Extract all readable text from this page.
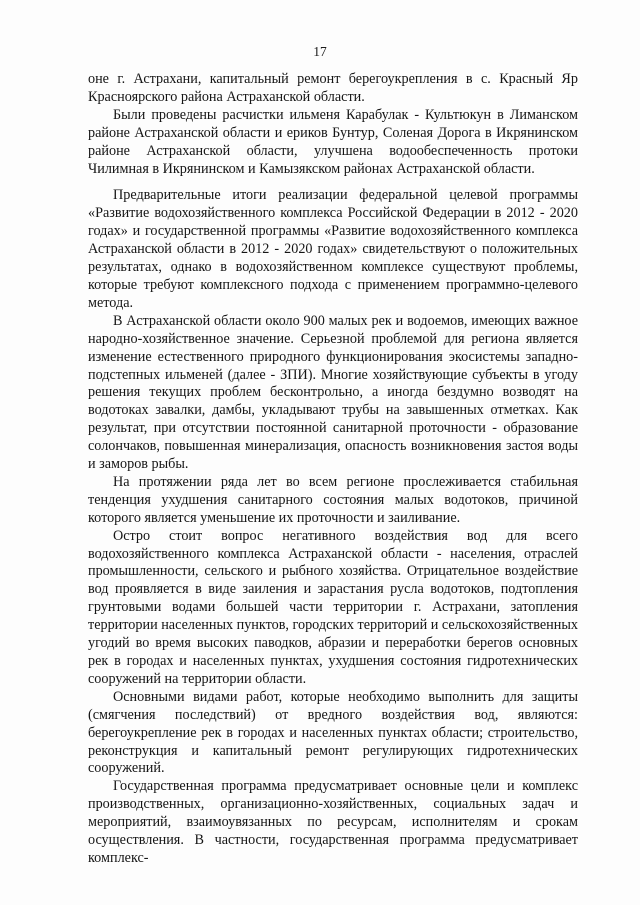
17

оне г. Астрахани, капитальный ремонт берегоукрепления в с. Красный Яр Красноярского района Астраханской области.

Были проведены расчистки ильменя Карабулак - Культюкун в Лиманском районе Астраханской области и ериков Бунтур, Соленая Дорога в Икрянинском районе Астраханской области, улучшена водообеспеченность протоки Чилимная в Икрянинском и Камызякском районах Астраханской области.

Предварительные итоги реализации федеральной целевой программы «Развитие водохозяйственного комплекса Российской Федерации в 2012 - 2020 годах» и государственной программы «Развитие водохозяйственного комплекса Астраханской области в 2012 - 2020 годах» свидетельствуют о положительных результатах, однако в водохозяйственном комплексе существуют проблемы, которые требуют комплексного подхода с применением программно-целевого метода.

В Астраханской области около 900 малых рек и водоемов, имеющих важное народно-хозяйственное значение. Серьезной проблемой для региона является изменение естественного природного функционирования экосистемы западно-подстепных ильменей (далее - ЗПИ). Многие хозяйствующие субъекты в угоду решения текущих проблем бесконтрольно, а иногда бездумно возводят на водотоках завалки, дамбы, укладывают трубы на завышенных отметках. Как результат, при отсутствии постоянной санитарной проточности - образование солончаков, повышенная минерализация, опасность возникновения застоя воды и заморов рыбы.

На протяжении ряда лет во всем регионе прослеживается стабильная тенденция ухудшения санитарного состояния малых водотоков, причиной которого является уменьшение их проточности и заиливание.

Остро стоит вопрос негативного воздействия вод для всего водохозяйственного комплекса Астраханской области - населения, отраслей промышленности, сельского и рыбного хозяйства. Отрицательное воздействие вод проявляется в виде заиления и зарастания русла водотоков, подтопления грунтовыми водами большей части территории г. Астрахани, затопления территории населенных пунктов, городских территорий и сельскохозяйственных угодий во время высоких паводков, абразии и переработки берегов основных рек в городах и населенных пунктах, ухудшения состояния гидротехнических сооружений на территории области.

Основными видами работ, которые необходимо выполнить для защиты (смягчения последствий) от вредного воздействия вод, являются: берегоукрепление рек в городах и населенных пунктах области; строительство, реконструкция и капитальный ремонт регулирующих гидротехнических сооружений.

Государственная программа предусматривает основные цели и комплекс производственных, организационно-хозяйственных, социальных задач и мероприятий, взаимоувязанных по ресурсам, исполнителям и срокам осуществления. В частности, государственная программа предусматривает комплекс-
